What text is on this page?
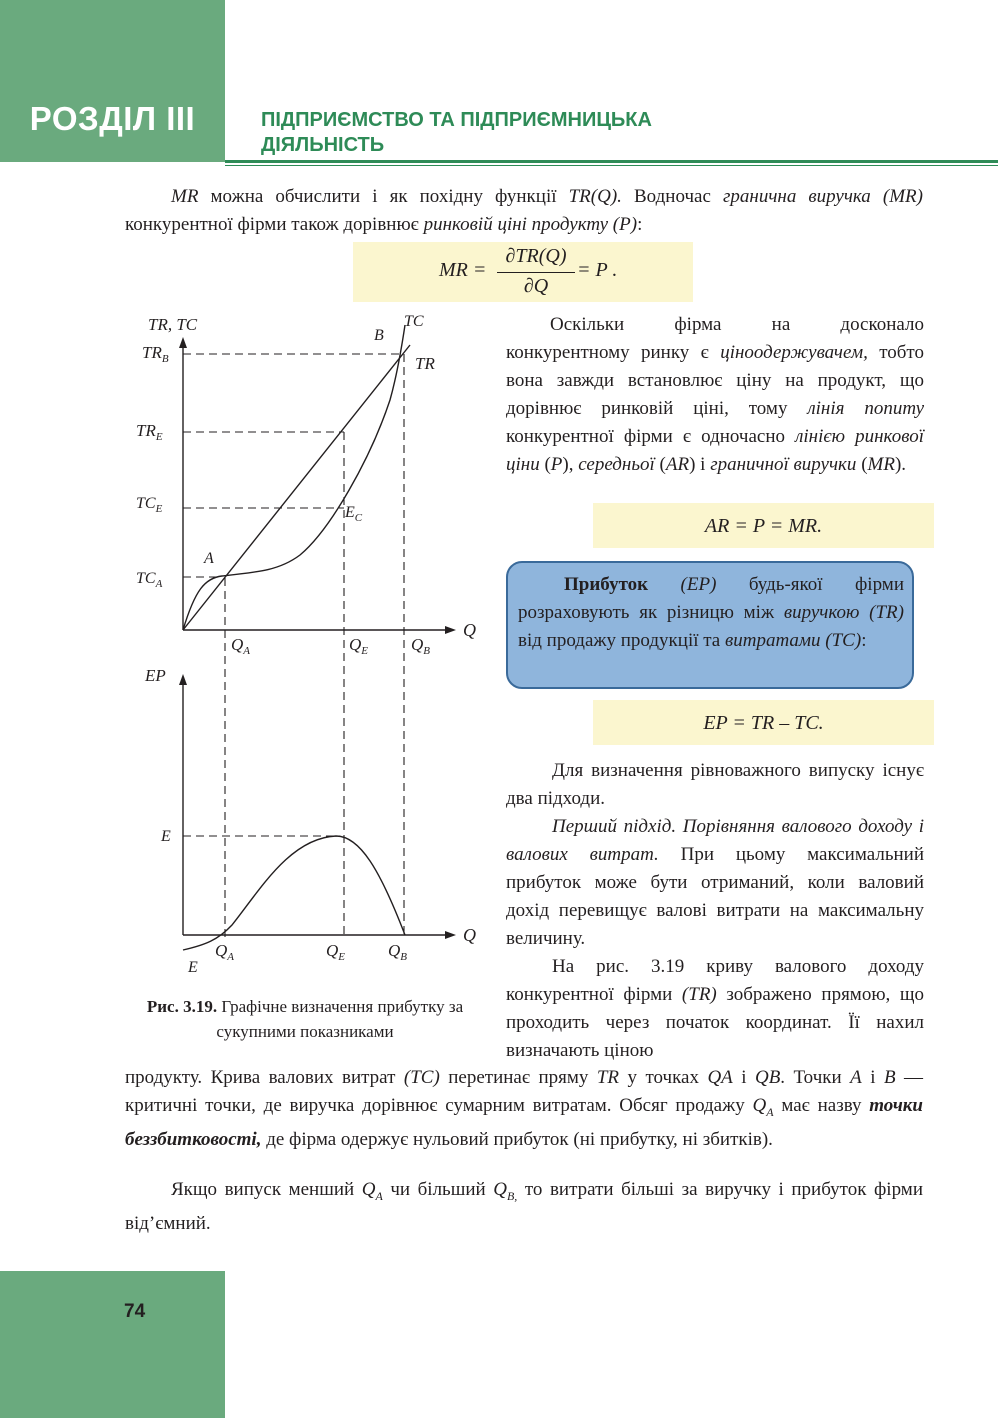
РОЗДІЛ III	ПІДПРИЄМСТВО ТА ПІДПРИЄМНИЦЬКА
ДІЯЛЬНІСТЬ

MR можна обчислити і як похідну функції TR(Q). Водночас гранична виручка (MR) конкурентної фірми також дорівнює ринковій ціні продукту (P):

MR =
∂TR(Q)
∂Q
= P .

Оскільки фірма на досконало

конкурентному ринку є ціноодержувачем, тобто вона завжди встановлює ціну на продукт, що дорівнює ринковій ціні, тому лінія попиту конкурентної фірми є одночасно лінією ринкової ціни (P), середньої (AR) і граничної виручки (MR).

AR = P = MR.

Прибуток (EP) будь-якої фірми розраховують як різницю між виручкою (TR) від продажу продукції та витратами (TC):

EP = TR – TC.

Для визначення рівноважного випуску існує два підходи.

Перший підхід. Порівняння валового доходу і валових витрат. При цьому максимальний прибуток може бути отриманий, коли валовий дохід перевищує валові витрати на максимальну величину.

На рис. 3.19 криву валового доходу конкурентної фірми (TR) зображено прямою, що проходить через початок координат. Її нахил визначають ціною

продукту. Крива валових витрат (TC) перетинає пряму TR у точках QA і QB. Точки A і B — критичні точки, де виручка дорівнює сумарним витратам. Обсяг продажу $Q_A$ має назву точки беззбитковості, де фірма одержує нульовий прибуток (ні прибутку, ні збитків).

Якщо випуск менший $Q_A$ чи більший $Q_{B,}$ то витрати більші за виручку і прибуток фірми від’ємний.

TR, TC
$TR_B$
$TR_E$
$TC_E$
$TC_A$
B
TC
TR
A
$E_C$
Q
$Q_A$	$Q_E$	$Q_B$
EP
E
Q
$Q_A$	$Q_E$	$Q_B$
E
Рис. 3.19. Графічне визначення прибутку за сукупними показниками
74
